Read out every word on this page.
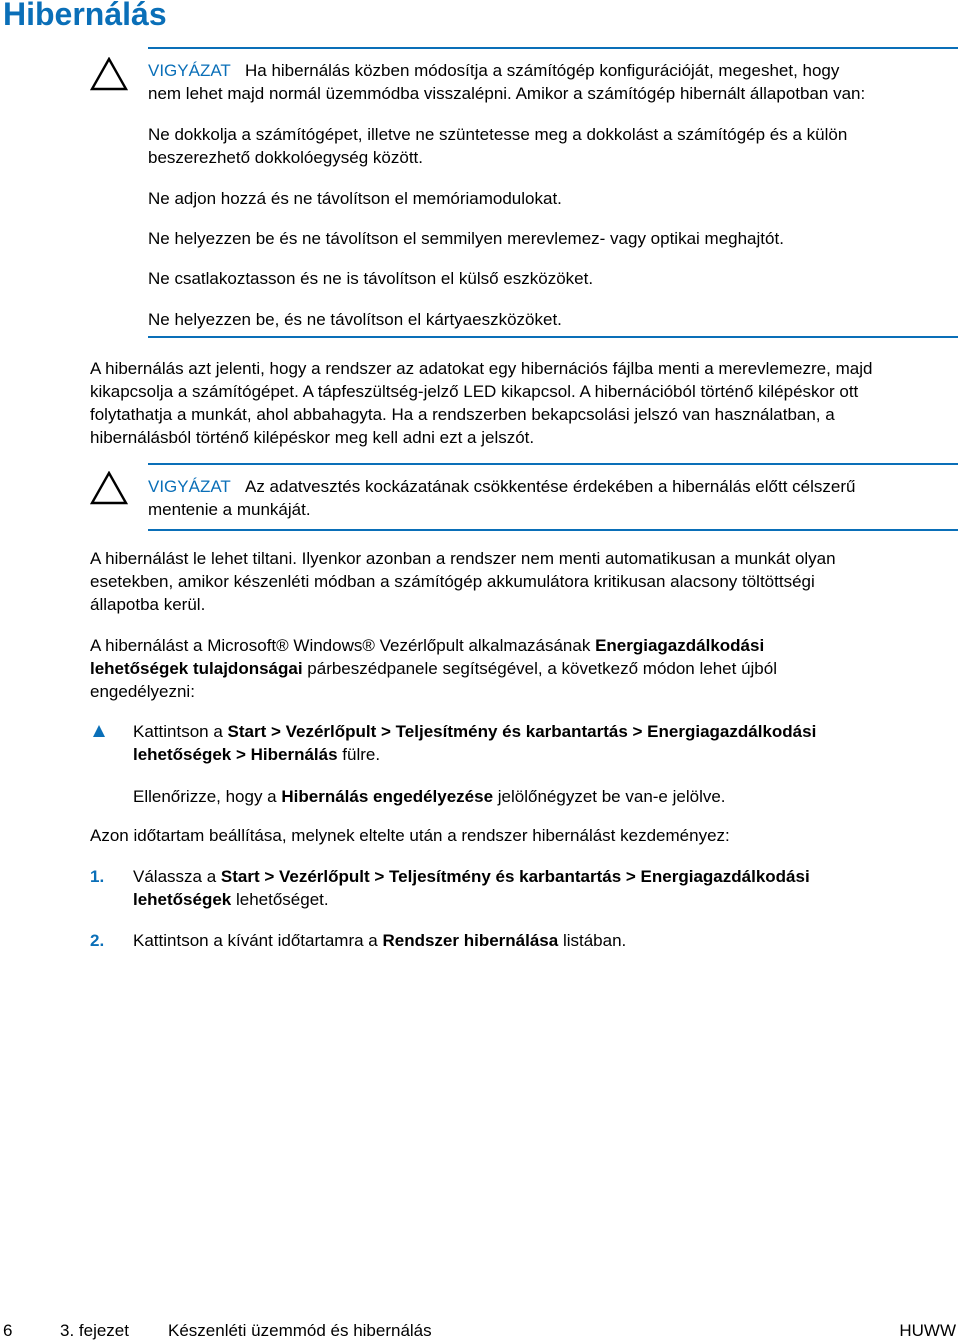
Hibernálás
VIGYÁZAT Ha hibernálás közben módosítja a számítógép konfigurációját, megeshet, hogy
nem lehet majd normál üzemmódba visszalépni. Amikor a számítógép hibernált állapotban van:
Ne dokkolja a számítógépet, illetve ne szüntetesse meg a dokkolást a számítógép és a külön
beszerezhető dokkolóegység között.
Ne adjon hozzá és ne távolítson el memóriamodulokat.
Ne helyezzen be és ne távolítson el semmilyen merevlemez- vagy optikai meghajtót.
Ne csatlakoztasson és ne is távolítson el külső eszközöket.
Ne helyezzen be, és ne távolítson el kártyaeszközöket.
A hibernálás azt jelenti, hogy a rendszer az adatokat egy hibernációs fájlba menti a merevlemezre, majd
kikapcsolja a számítógépet. A tápfeszültség-jelző LED kikapcsol. A hibernációból történő kilépéskor ott
folytathatja a munkát, ahol abbahagyta. Ha a rendszerben bekapcsolási jelszó van használatban, a
hibernálásból történő kilépéskor meg kell adni ezt a jelszót.
VIGYÁZAT Az adatvesztés kockázatának csökkentése érdekében a hibernálás előtt célszerű
mentenie a munkáját.
A hibernálást le lehet tiltani. Ilyenkor azonban a rendszer nem menti automatikusan a munkát olyan
esetekben, amikor készenléti módban a számítógép akkumulátora kritikusan alacsony töltöttségi
állapotba kerül.
A hibernálást a Microsoft® Windows® Vezérlőpult alkalmazásának Energiagazdálkodási
lehetőségek tulajdonságai párbeszédpanele segítségével, a következő módon lehet újból
engedélyezni:
Kattintson a Start > Vezérlőpult > Teljesítmény és karbantartás > Energiagazdálkodási
lehetőségek > Hibernálás fülre.
Ellenőrizze, hogy a Hibernálás engedélyezése jelölőnégyzet be van-e jelölve.
Azon időtartam beállítása, melynek eltelte után a rendszer hibernálást kezdeményez:
1. Válassza a Start > Vezérlőpult > Teljesítmény és karbantartás > Energiagazdálkodási
lehetőségek lehetőséget.
2. Kattintson a kívánt időtartamra a Rendszer hibernálása listában.
6	3. fejezet Készenléti üzemmód és hibernálás	HUWW
